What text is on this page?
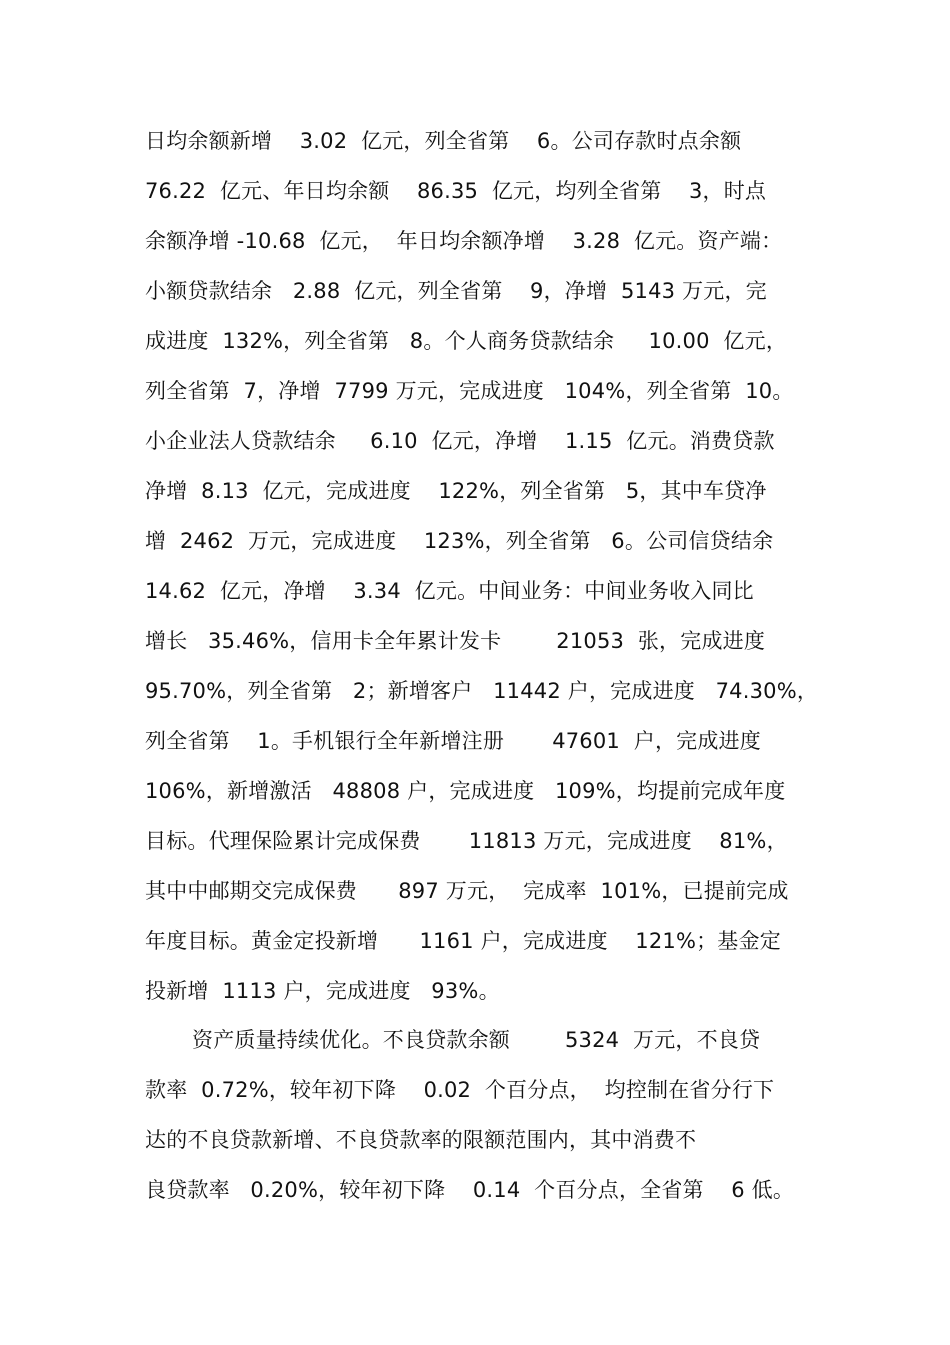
日均余额新增    3.02  亿元，列全省第    6。公司存款时点余额
76.22  亿元、年日均余额    86.35  亿元，均列全省第    3，时点
余额净增 -10.68  亿元，  年日均余额净增    3.28  亿元。资产端：
小额贷款结余   2.88  亿元，列全省第    9，净增  5143 万元，完
成进度  132%，列全省第   8。个人商务贷款结余     10.00  亿元，
列全省第  7，净增  7799 万元，完成进度   104%，列全省第  10。
小企业法人贷款结余     6.10  亿元，净增    1.15  亿元。消费贷款
净增  8.13  亿元，完成进度    122%，列全省第   5，其中车贷净
增  2462  万元，完成进度    123%，列全省第   6。公司信贷结余
14.62  亿元，净增    3.34  亿元。中间业务：中间业务收入同比
增长   35.46%，信用卡全年累计发卡        21053  张，完成进度
95.70%，列全省第   2；新增客户   11442 户，完成进度   74.30%，
列全省第    1。手机银行全年新增注册       47601  户，完成进度
106%，新增激活   48808 户，完成进度   109%，均提前完成年度
目标。代理保险累计完成保费       11813 万元，完成进度    81%，
其中中邮期交完成保费      897 万元，  完成率  101%，已提前完成
年度目标。黄金定投新增      1161 户，完成进度    121%；基金定
投新增  1113 户，完成进度   93%。
资产质量持续优化。不良贷款余额        5324  万元，不良贷
款率  0.72%，较年初下降    0.02  个百分点，  均控制在省分行下
达的不良贷款新增、不良贷款率的限额范围内，其中消费不
良贷款率   0.20%，较年初下降    0.14  个百分点，全省第    6 低。
